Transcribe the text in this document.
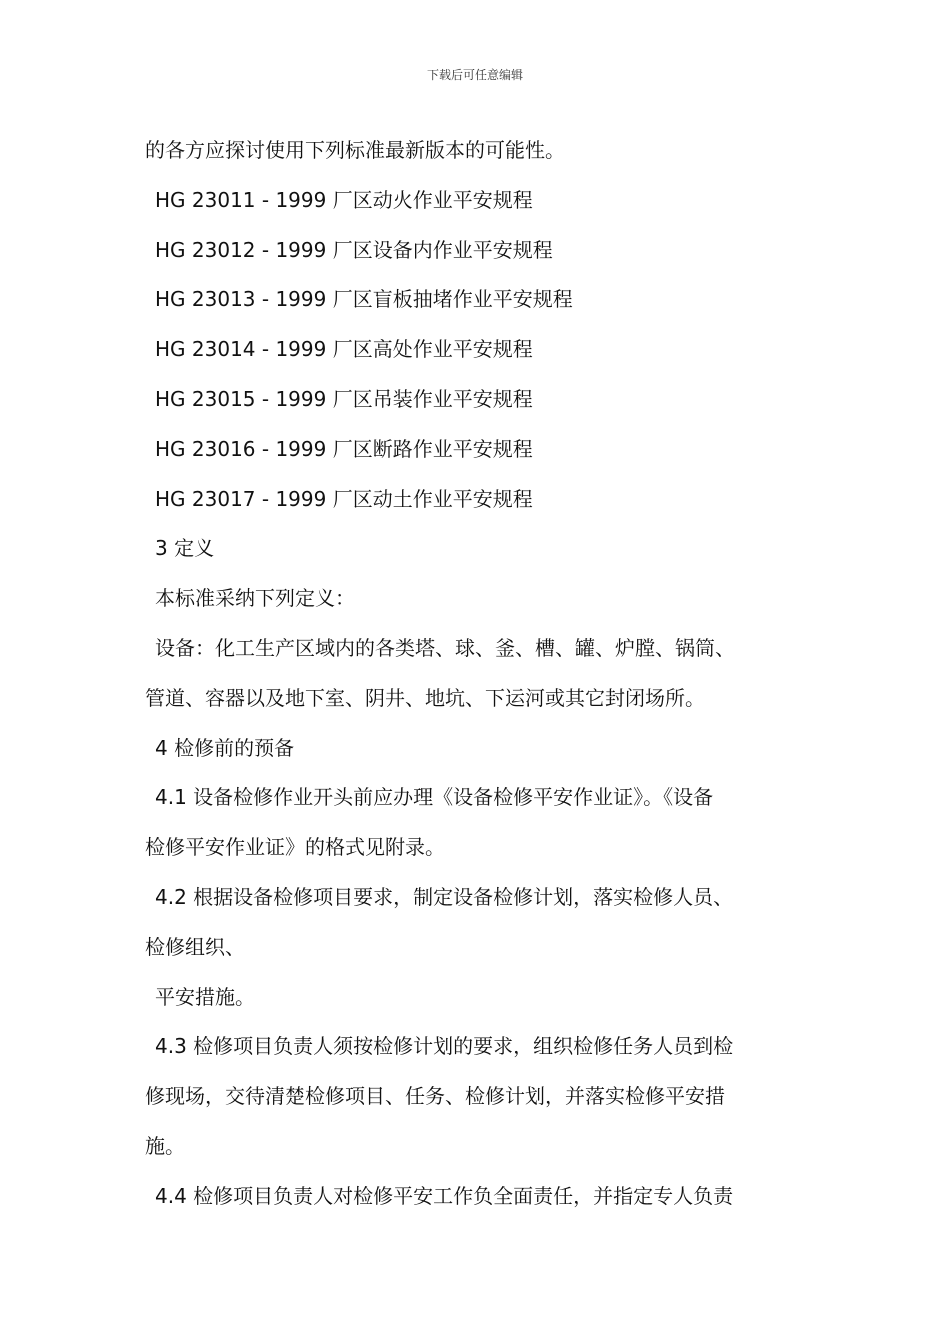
下载后可任意编辑
的各方应探讨使用下列标准最新版本的可能性。
HG 23011 - 1999 厂区动火作业平安规程
HG 23012 - 1999 厂区设备内作业平安规程
HG 23013 - 1999 厂区盲板抽堵作业平安规程
HG 23014 - 1999 厂区高处作业平安规程
HG 23015 - 1999 厂区吊装作业平安规程
HG 23016 - 1999 厂区断路作业平安规程
HG 23017 - 1999 厂区动土作业平安规程
3 定义
本标准采纳下列定义：
设备：化工生产区域内的各类塔、球、釜、槽、罐、炉膛、锅筒、
管道、容器以及地下室、阴井、地坑、下运河或其它封闭场所。
4 检修前的预备
4.1 设备检修作业开头前应办理《设备检修平安作业证》。《设备
检修平安作业证》的格式见附录。
4.2 根据设备检修项目要求，制定设备检修计划，落实检修人员、
检修组织、
平安措施。
4.3 检修项目负责人须按检修计划的要求，组织检修任务人员到检
修现场，交待清楚检修项目、任务、检修计划，并落实检修平安措
施。
4.4 检修项目负责人对检修平安工作负全面责任，并指定专人负责
